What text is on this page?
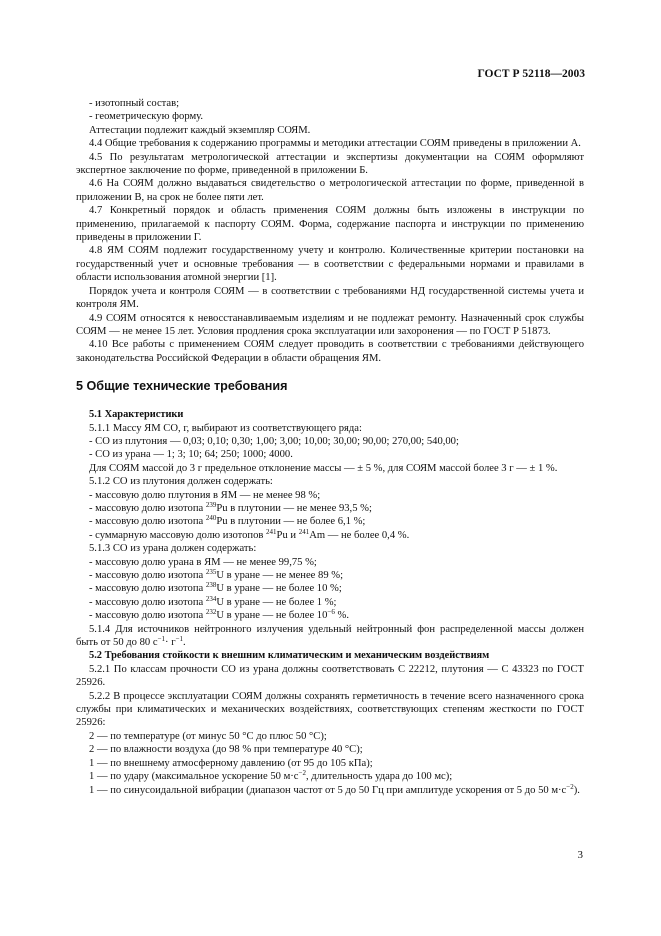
ГОСТ Р 52118—2003

- изотопный состав;

- геометрическую форму.

Аттестации подлежит каждый экземпляр СОЯМ.

4.4 Общие требования к содержанию программы и методики аттестации СОЯМ приведены в приложении А.

4.5 По результатам метрологической аттестации и экспертизы документации на СОЯМ оформляют экспертное заключение по форме, приведенной в приложении Б.

4.6 На СОЯМ должно выдаваться свидетельство о метрологической аттестации по форме, приведенной в приложении В, на срок не более пяти лет.

4.7 Конкретный порядок и область применения СОЯМ должны быть изложены в инструкции по применению, прилагаемой к паспорту СОЯМ. Форма, содержание паспорта и инструкции по применению приведены в приложении Г.

4.8 ЯМ СОЯМ подлежит государственному учету и контролю. Количественные критерии постановки на государственный учет и основные требования — в соответствии с федеральными нормами и правилами в области использования атомной энергии [1].

Порядок учета и контроля СОЯМ — в соответствии с требованиями НД государственной системы учета и контроля ЯМ.

4.9 СОЯМ относятся к невосстанавливаемым изделиям и не подлежат ремонту. Назначенный срок службы СОЯМ — не менее 15 лет. Условия продления срока эксплуатации или захоронения — по ГОСТ Р 51873.

4.10 Все работы с применением СОЯМ следует проводить в соответствии с требованиями действующего законодательства Российской Федерации в области обращения ЯМ.

5 Общие технические требования

5.1 Характеристики

5.1.1 Массу ЯМ СО, г, выбирают из соответствующего ряда:

- СО из плутония — 0,03; 0,10; 0,30; 1,00; 3,00; 10,00; 30,00; 90,00; 270,00; 540,00;

- СО из урана — 1; 3; 10; 64; 250; 1000; 4000.

Для СОЯМ массой до 3 г предельное отклонение массы — ± 5 %, для СОЯМ массой более 3 г — ± 1 %.

5.1.2 СО из плутония должен содержать:

- массовую долю плутония в ЯМ — не менее 98 %;

- массовую долю изотопа $^{239}$Pu в плутонии — не менее 93,5 %;

- массовую долю изотопа $^{240}$Pu в плутонии — не более 6,1 %;

- суммарную массовую долю изотопов $^{241}$Pu и $^{241}$Am — не более 0,4 %.

5.1.3 СО из урана должен содержать:

- массовую долю урана в ЯМ — не менее 99,75 %;

- массовую долю изотопа $^{235}$U в уране — не менее 89 %;

- массовую долю изотопа $^{238}$U в уране — не более 10 %;

- массовую долю изотопа $^{234}$U в уране — не более 1 %;

- массовую долю изотопа $^{232}$U в уране — не более $10^{-6}$ %.

5.1.4 Для источников нейтронного излучения удельный нейтронный фон распределенной массы должен быть от 50 до 80 $с^{-1}\cdot г^{-1}$.

5.2 Требования стойкости к внешним климатическим и механическим воздействиям

5.2.1 По классам прочности СО из урана должны соответствовать С 22212, плутония — С 43323 по ГОСТ 25926.

5.2.2 В процессе эксплуатации СОЯМ должны сохранять герметичность в течение всего назначенного срока службы при климатических и механических воздействиях, соответствующих степеням жесткости по ГОСТ 25926:

2 — по температуре (от минус 50 °С до плюс 50 °С);

2 — по влажности воздуха (до 98 % при температуре 40 °С);

1 — по внешнему атмосферному давлению (от 95 до 105 кПа);

1 — по удару (максимальное ускорение 50 $м\cdot с^{-2}$, длительность удара до 100 мс);

1 — по синусоидальной вибрации (диапазон частот от 5 до 50 Гц при амплитуде ускорения от 5 до 50 $м\cdot с^{-2}$).

3
